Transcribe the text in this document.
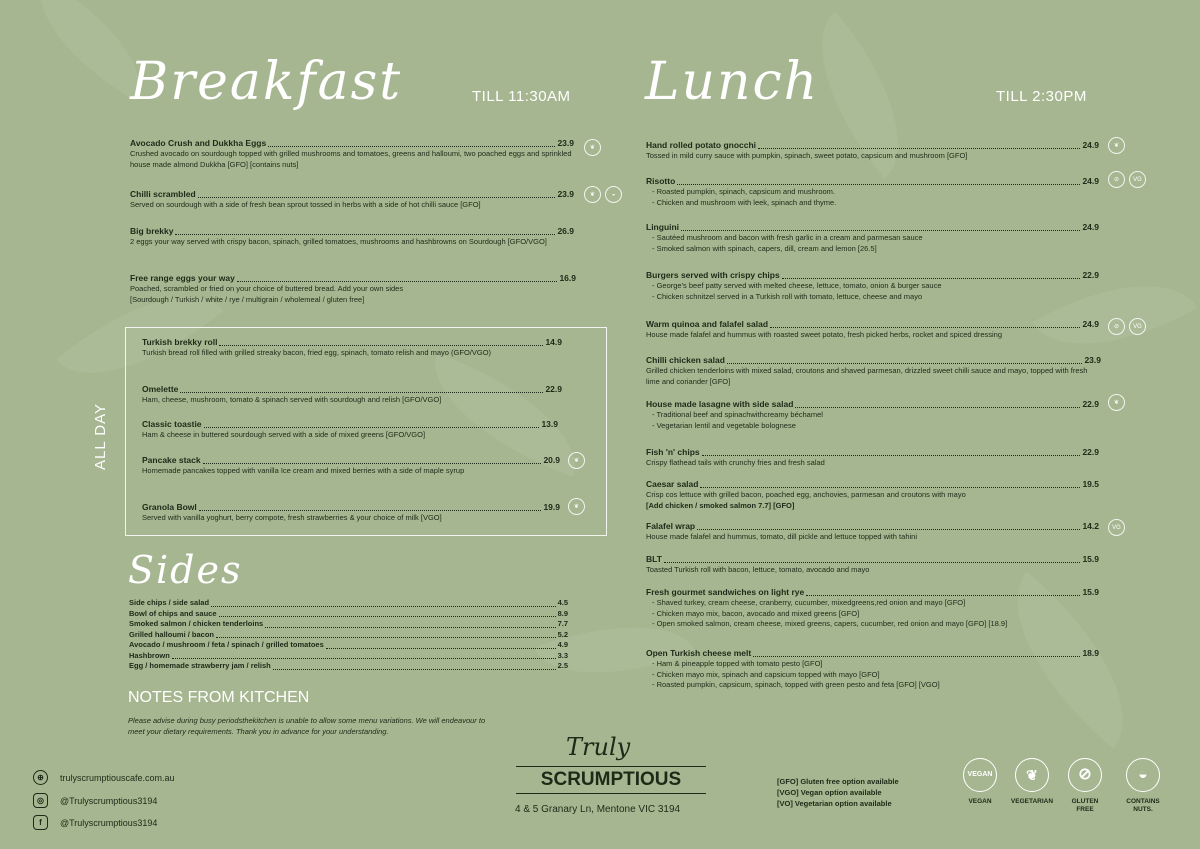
Breakfast	TILL 11:30AM Lunch	TILL 2:30PM
Avocado Crush and Dukkha Eggs	23.9
Crushed avocado on sourdough topped with grilled mushrooms and tomatoes, greens and halloumi, two poached eggs and sprinkled house made almond Dukkha [GFO] [contains nuts]
❦
Chilli scrambled	23.9
Served on sourdough with a side of fresh bean sprout tossed in herbs with a side of hot chilli sauce [GFO]
❦	◒
Big brekky	26.9
2 eggs your way served with crispy bacon, spinach, grilled tomatoes, mushrooms and hashbrowns on Sourdough [GFO/VGO]
Free range eggs your way	16.9
Poached, scrambled or fried on your choice of buttered bread. Add your own sides
[Sourdough / Turkish / white / rye / multigrain / wholemeal / gluten free]
ALL DAY
Turkish brekky roll	14.9
Turkish bread roll filled with grilled streaky bacon, fried egg, spinach, tomato relish and mayo (GFO/VGO)
Omelette	22.9
Ham, cheese, mushroom, tomato & spinach served with sourdough and relish [GFO/VGO]
Classic toastie	13.9
Ham & cheese in buttered sourdough served with a side of mixed greens [GFO/VGO]
Pancake stack	20.9
Homemade pancakes topped with vanilla Ice cream and mixed berries with a side of maple syrup
❦
Granola Bowl	19.9
Served with vanilla yoghurt, berry compote, fresh strawberries & your choice of milk [VGO]
❦
Sides
Side chips / side salad	4.5
Bowl of chips and sauce	8.9
Smoked salmon / chicken tenderloins	7.7
Grilled halloumi / bacon	5.2
Avocado / mushroom / feta / spinach / grilled tomatoes	4.9
Hashbrown	3.3
Egg / homemade strawberry jam / relish	2.5
NOTES FROM KITCHEN
Please advise during busy periodsthekitchen is unable to allow some menu variations. We will endeavour to meet your dietary requirements. Thank you in advance for your understanding.
⊕	trulyscrumptiouscafe.com.au
◎	@Trulyscrumptious3194
f	@Trulyscrumptious3194
Truly
SCRUMPTIOUS
4 & 5 Granary Ln, Mentone VIC 3194
Hand rolled potato gnocchi	24.9
Tossed in mild curry sauce with pumpkin, spinach, sweet potato, capsicum and mushroom [GFO]
❦
Risotto	24.9
- Roasted pumpkin, spinach, capsicum and mushroom.
- Chicken and mushroom with leek, spinach and thyme.
⊘	VG
Linguini	24.9
- Sautéed mushroom and bacon with fresh garlic in a cream and parmesan sauce
- Smoked salmon with spinach, capers, dill, cream and lemon [26.5]
Burgers served with crispy chips	22.9
- George's beef patty served with melted cheese, lettuce, tomato, onion & burger sauce
- Chicken schnitzel served in a Turkish roll with tomato, lettuce, cheese and mayo
Warm quinoa and falafel salad	24.9
House made falafel and hummus with roasted sweet potato, fresh picked herbs, rocket and spiced dressing
⊘	VG
Chilli chicken salad	23.9
Grilled chicken tenderloins with mixed salad, croutons and shaved parmesan, drizzled sweet chilli sauce and mayo, topped with fresh lime and coriander [GFO]
House made lasagne with side salad	22.9
- Traditional beef and spinachwithcreamy béchamel
- Vegetarian lentil and vegetable bolognese
❦
Fish 'n' chips	22.9
Crispy flathead tails with crunchy fries and fresh salad
Caesar salad	19.5
Crisp cos lettuce with grilled bacon, poached egg, anchovies, parmesan and croutons with mayo
[Add chicken / smoked salmon 7.7] [GFO]
Falafel wrap	14.2
House made falafel and hummus, tomato, dill pickle and lettuce topped with tahini
VG
BLT	15.9
Toasted Turkish roll with bacon, lettuce, tomato, avocado and mayo
Fresh gourmet sandwiches on light rye	15.9
- Shaved turkey, cream cheese, cranberry, cucumber, mixedgreens,red onion and mayo [GFO]
- Chicken mayo mix, bacon, avocado and mixed greens [GFO]
- Open smoked salmon, cream cheese, mixed greens, capers, cucumber, red onion and mayo [GFO] [18.9]
Open Turkish cheese melt	18.9
- Ham & pineapple topped with tomato pesto [GFO]
- Chicken mayo mix, spinach and capsicum topped with mayo [GFO]
- Roasted pumpkin, capsicum, spinach, topped with green pesto and feta [GFO] [VGO]
[GFO] Gluten free option available
[VGO] Vegan option available
[VO] Vegetarian option available
VEGAN
VEGAN
❦
VEGETARIAN
⊘
GLUTEN FREE
◒
CONTAINS NUTS.
